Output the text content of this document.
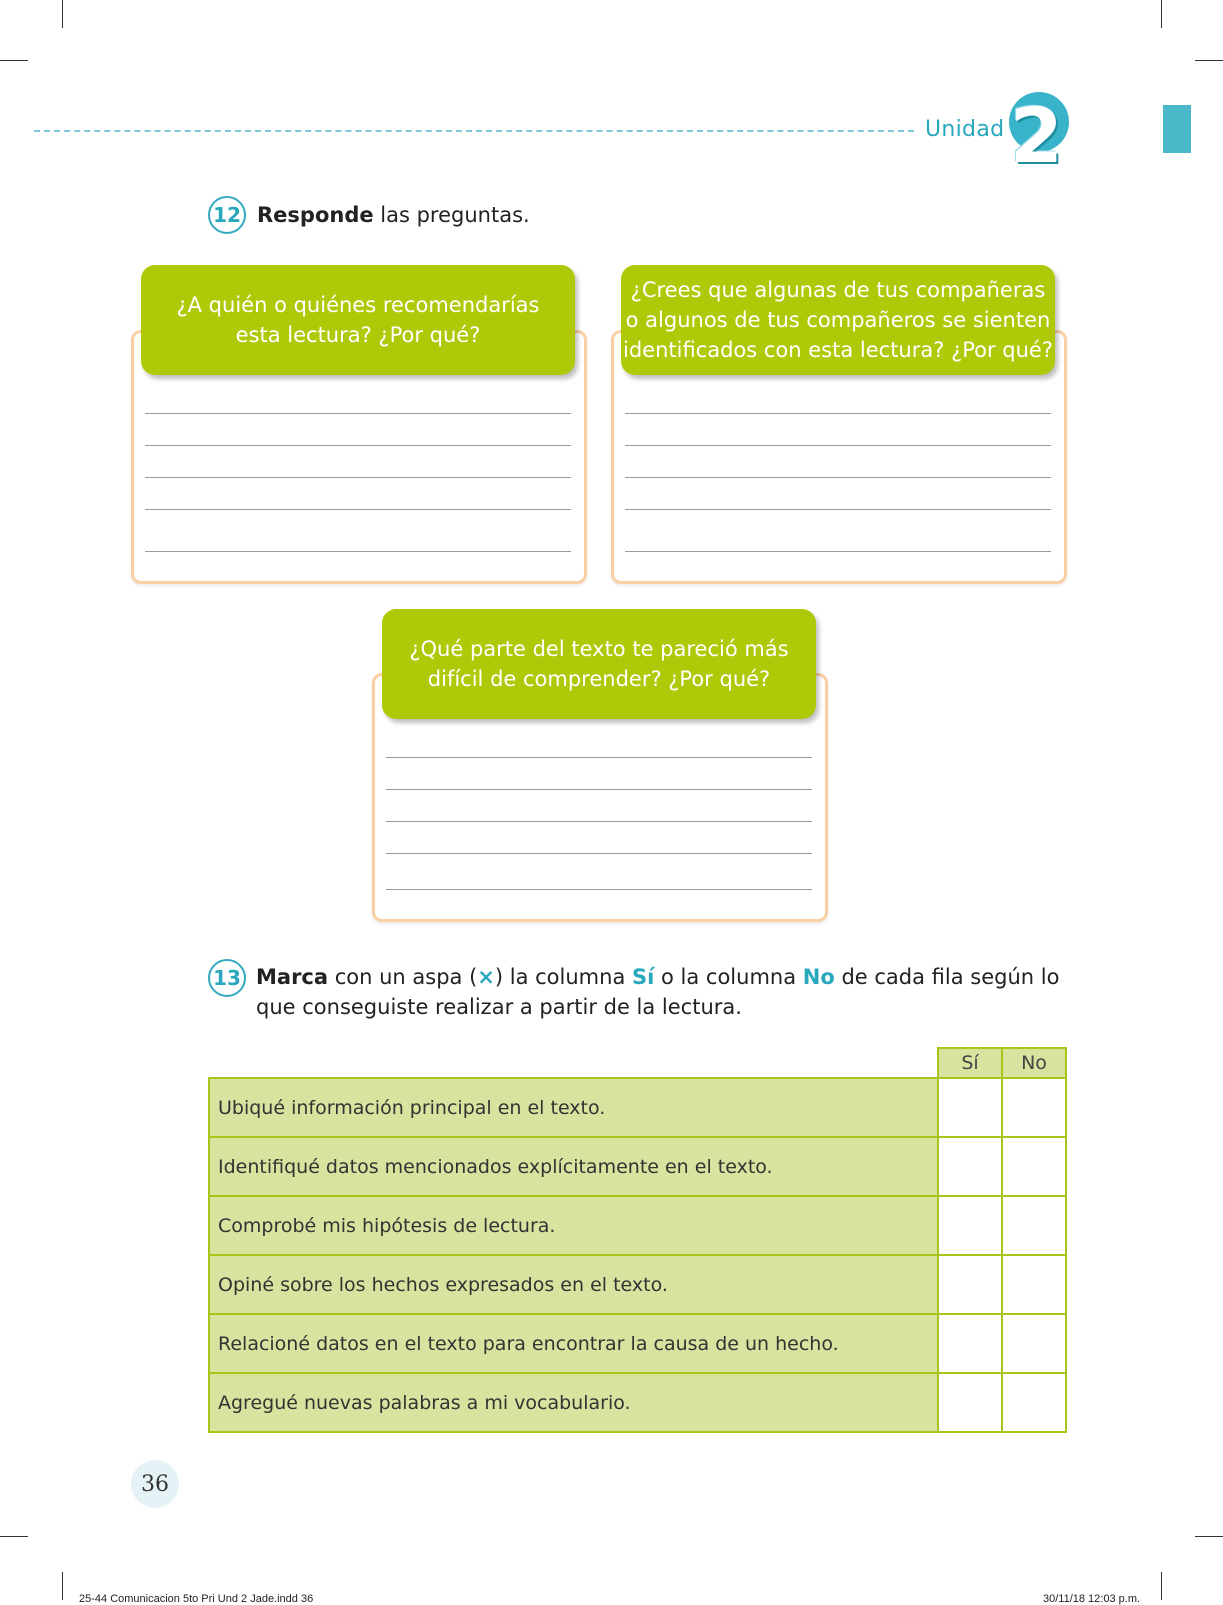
Unidad 2
12 Responde las preguntas.
¿A quién o quiénes recomendarías
esta lectura? ¿Por qué?
¿Crees que algunas de tus compañeras
o algunos de tus compañeros se sienten
identificados con esta lectura? ¿Por qué?
¿Qué parte del texto te pareció más
difícil de comprender? ¿Por qué?
13 Marca con un aspa (×) la columna Sí o la columna No de cada fila según lo
que conseguiste realizar a partir de la lectura.
Sí	No
Ubiqué información principal en el texto.
Identifiqué datos mencionados explícitamente en el texto.
Comprobé mis hipótesis de lectura.
Opiné sobre los hechos expresados en el texto.
Relacioné datos en el texto para encontrar la causa de un hecho.
Agregué nuevas palabras a mi vocabulario.
36
25-44 Comunicacion 5to Pri Und 2 Jade.indd 36	30/11/18 12:03 p.m.
